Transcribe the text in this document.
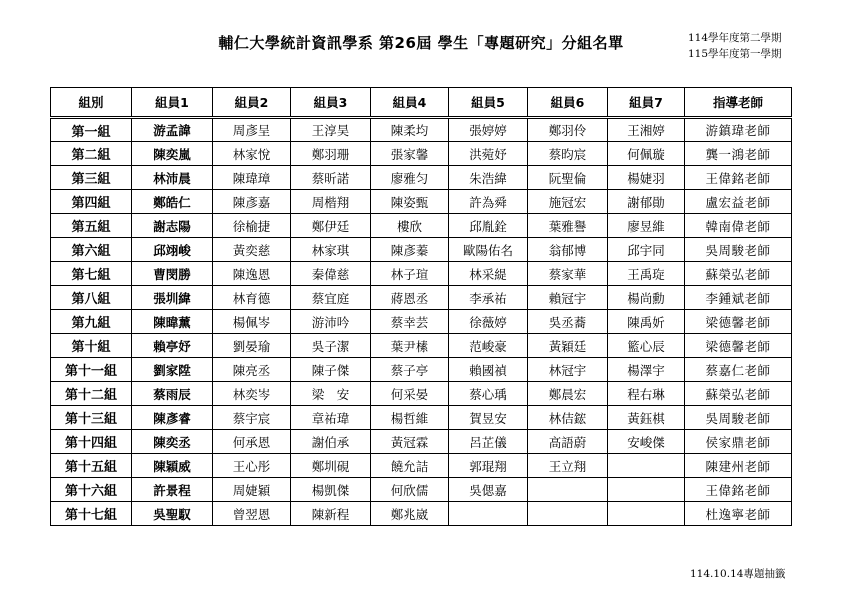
輔仁大學統計資訊學系 第26屆 學生「專題研究」分組名單	114學年度第二學期
115學年度第一學期
組別	組員1	組員2	組員3	組員4	組員5	組員6	組員7	指導老師
第一組	游孟諱	周彥呈	王淳昊	陳柔均	張婷婷	鄭羽伶	王湘婷	游鎮瑋老師
第二組	陳奕嵐	林家悅	鄭羽珊	張家馨	洪菀妤	蔡昀宸	何佩璇	龔一鴻老師
第三組	林沛晨	陳瑋璋	蔡昕諾	廖雅匀	朱浩緯	阮聖倫	楊婕羽	王偉銘老師
第四組	鄭皓仁	陳彥嘉	周楷翔	陳姿甄	許為舜	施冠宏	謝郁勛	盧宏益老師
第五組	謝志陽	徐榆捷	鄭伊廷	樓欣	邱胤銓	葉雅譽	廖昱維	韓南偉老師
第六組	邱翊峻	黃奕慈	林家琪	陳彥蓁	歐陽佑名	翁郁博	邱宇同	吳周駿老師
第七組	曹閔勝	陳逸恩	秦偉慈	林子瑄	林采緹	蔡家華	王禹琁	蘇榮弘老師
第八組	張圳緯	林育德	蔡宜庭	蔣恩丞	李承祐	賴冠宇	楊尚勳	李鍾斌老師
第九組	陳暐薰	楊佩岑	游沛吟	蔡幸芸	徐薇婷	吳丞蕎	陳禹妡	梁德馨老師
第十組	賴亭妤	劉晏瑜	吳子潔	葉尹榡	范峻豪	黃穎廷	籃心辰	梁德馨老師
第十一組	劉家陞	陳亮丞	陳子傑	蔡子亭	賴國禎	林冠宇	楊澤宇	蔡嘉仁老師
第十二組	蔡雨辰	林奕岑	梁　安	何采晏	蔡心瑀	鄭晨宏	程右琳	蘇榮弘老師
第十三組	陳彥睿	蔡宇宸	章祐瑋	楊哲維	賀昱安	林佶鋐	黃鈺棋	吳周駿老師
第十四組	陳奕丞	何承恩	謝伯承	黃冠霖	呂芷儀	高語蔚	安峻傑	侯家鼎老師
第十五組	陳穎威	王心彤	鄭圳硯	饒允詰	郭琨翔	王立翔		陳建州老師
第十六組	許景程	周婕穎	楊凱傑	何欣儒	吳偲嘉			王偉銘老師
第十七組	吳聖馭	曾翌恩	陳新程	鄭兆崴				杜逸寧老師
114.10.14專題抽籤
